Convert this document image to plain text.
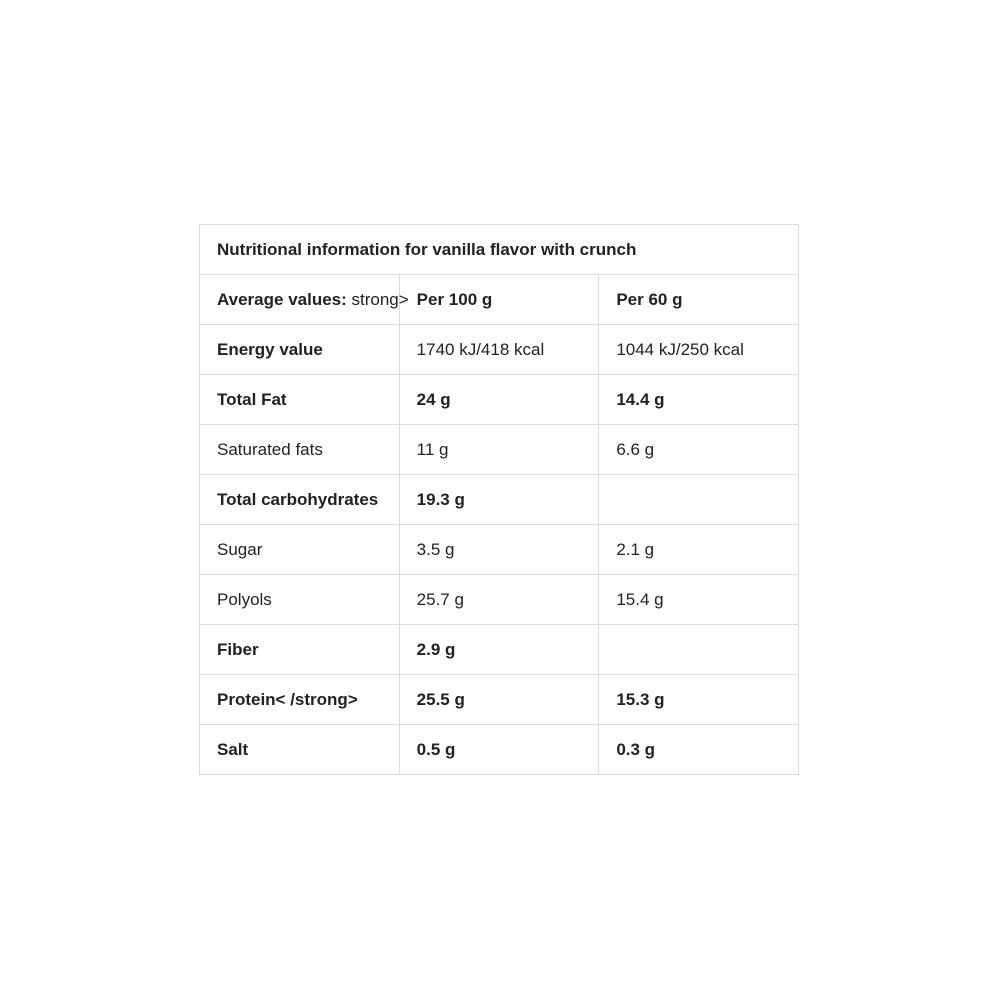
Nutritional information for vanilla flavor with crunch		
Average values: strong>	Per 100 g	Per 60 g
Energy value	1740 kJ/418 kcal	1044 kJ/250 kcal
Total Fat	24 g	14.4 g
Saturated fats	11 g	6.6 g
Total carbohydrates	19.3 g	
Sugar	3.5 g	2.1 g
Polyols	25.7 g	15.4 g
Fiber	2.9 g	
Protein< /strong>	25.5 g	15.3 g
Salt	0.5 g	0.3 g
